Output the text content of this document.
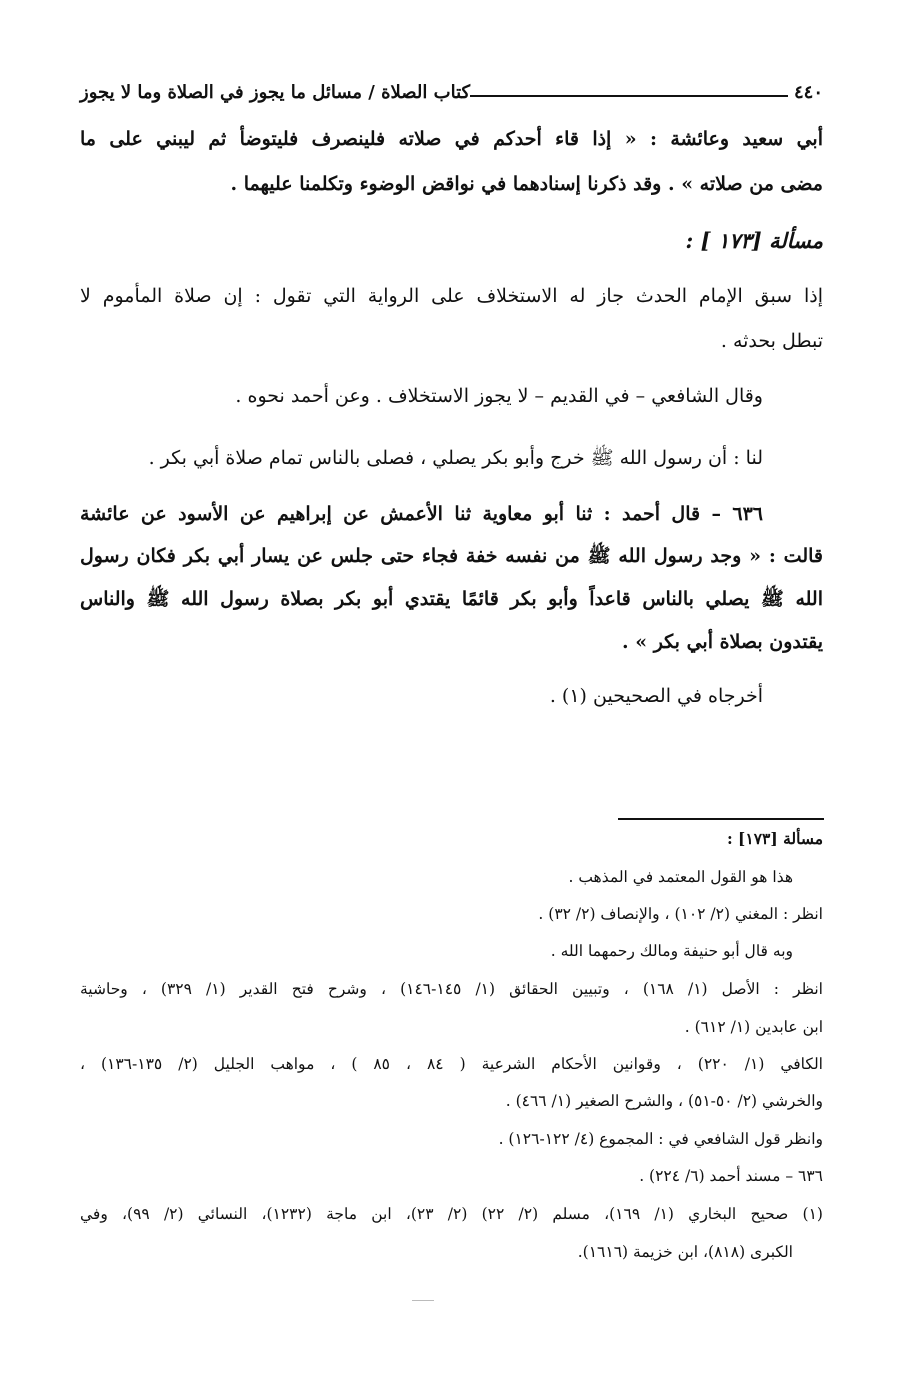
٤٤٠
كتاب الصلاة / مسائل ما يجوز في الصلاة وما لا يجوز
أبي سعيد وعائشة : « إذا قاء أحدكم في صلاته فلينصرف فليتوضأ ثم ليبني على ما
مضى من صلاته » . وقد ذكرنا إسنادهما في نواقض الوضوء وتكلمنا عليهما .
مسألة [١٧٣ ] :
إذا سبق الإمام الحدث جاز له الاستخلاف على الرواية التي تقول : إن صلاة المأموم لا
تبطل بحدثه .
وقال الشافعي – في القديم – لا يجوز الاستخلاف . وعن أحمد نحوه .
لنا : أن رسول الله ﷺ خرج وأبو بكر يصلي ، فصلى بالناس تمام صلاة أبي بكر .
٦٣٦ – قال أحمد : ثنا أبو معاوية ثنا الأعمش عن إبراهيم عن الأسود عن عائشة
قالت : « وجد رسول الله ﷺ من نفسه خفة فجاء حتى جلس عن يسار أبي بكر فكان رسول
الله ﷺ يصلي بالناس قاعداً وأبو بكر قائمًا يقتدي أبو بكر بصلاة رسول الله ﷺ والناس
يقتدون بصلاة أبي بكر » .
أخرجاه في الصحيحين (١) .
مسألة [١٧٣] :
هذا هو القول المعتمد في المذهب .
انظر : المغني (٢/ ١٠٢) ، والإنصاف (٢/ ٣٢) .
وبه قال أبو حنيفة ومالك رحمهما الله .
انظر : الأصل (١/ ١٦٨) ، وتبيين الحقائق (١/ ١٤٥-١٤٦) ، وشرح فتح القدير (١/ ٣٢٩) ، وحاشية
ابن عابدين (١/ ٦١٢) .
الكافي (١/ ٢٢٠) ، وقوانين الأحكام الشرعية ( ٨٤ ، ٨٥ ) ، مواهب الجليل (٢/ ١٣٥-١٣٦) ،
والخرشي (٢/ ٥٠-٥١) ، والشرح الصغير (١/ ٤٦٦) .
وانظر قول الشافعي في : المجموع (٤/ ١٢٢-١٢٦) .
٦٣٦ – مسند أحمد (٦/ ٢٢٤) .
(١) صحيح البخاري (١/ ١٦٩)، مسلم (٢/ ٢٢) (٢/ ٢٣)، ابن ماجة (١٢٣٢)، النسائي (٢/ ٩٩)، وفي
الكبرى (٨١٨)، ابن خزيمة (١٦١٦).
